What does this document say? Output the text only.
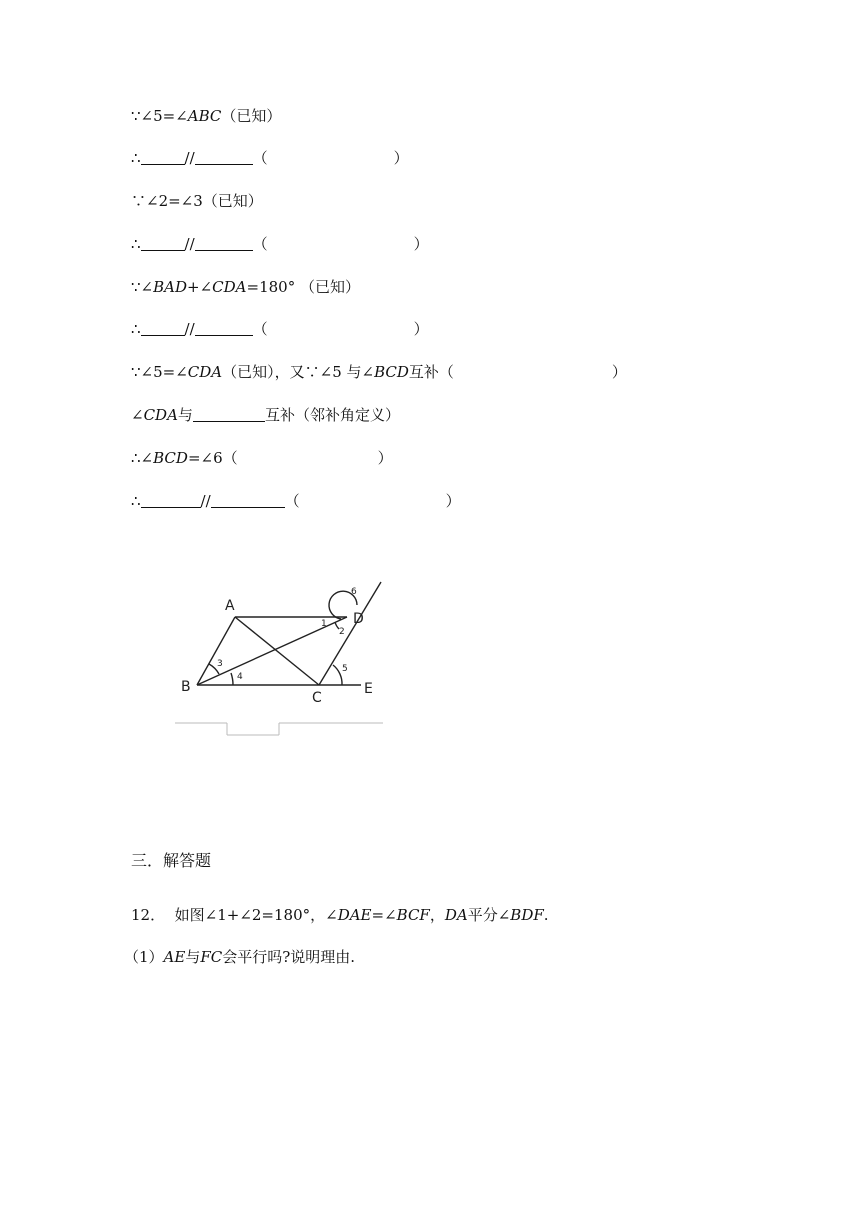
∵∠5=∠ABC（已知）
∴	//	（	）
∵∠2=∠3（已知）
∴	//	（	）
∵∠BAD+∠CDA=180° （已知）
∴	//	（	）
∵∠5=∠CDA（已知），又∵∠5 与∠BCD互补（	）
∠CDA与	互补（邻补角定义）
∴∠BCD=∠6（	）
∴	//	（	）
A
B
C
D
E
1
2
3
4
5
6
三．解答题
12． 如图∠1+∠2=180°，∠DAE=∠BCF，DA平分∠BDF.
（1）AE与FC会平行吗?说明理由.
